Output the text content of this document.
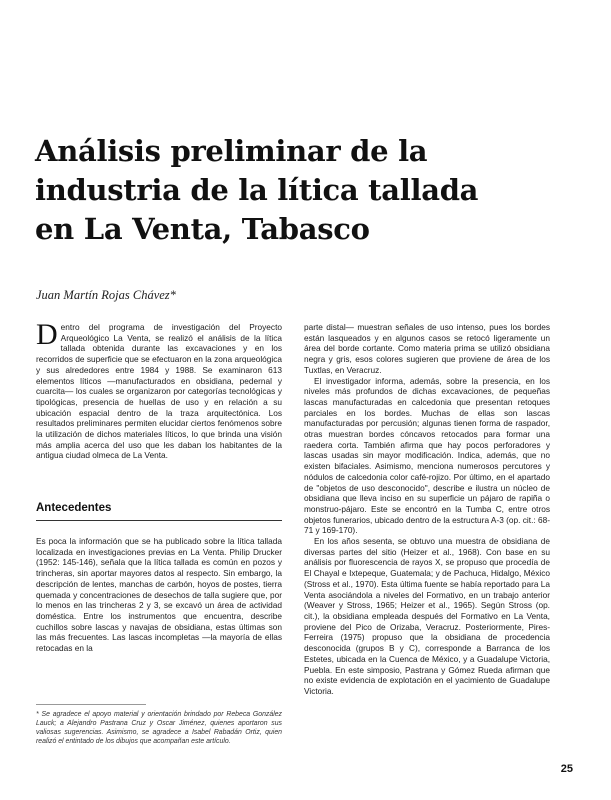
Análisis preliminar de la
industria de la lítica tallada
en La Venta, Tabasco
Juan Martín Rojas Chávez*

Dentro del programa de investigación del Proyecto Arqueológico La Venta, se realizó el análisis de la lítica tallada obtenida durante las excavaciones y en los recorridos de superficie que se efectuaron en la zona arqueológica y sus alrededores entre 1984 y 1988. Se examinaron 613 elementos líticos —manufacturados en obsidiana, pedernal y cuarcita— los cuales se organizaron por categorías tecnológicas y tipológicas, presencia de huellas de uso y en relación a su ubicación espacial dentro de la traza arquitectónica. Los resultados preliminares permiten elucidar ciertos fenómenos sobre la utilización de dichos materiales líticos, lo que brinda una visión más amplia acerca del uso que les daban los habitantes de la antigua ciudad olmeca de La Venta.

Antecedentes

Es poca la información que se ha publicado sobre la lítica tallada localizada en investigaciones previas en La Venta. Philip Drucker (1952: 145-146), señala que la lítica tallada es común en pozos y trincheras, sin aportar mayores datos al respecto. Sin embargo, la descripción de lentes, manchas de carbón, hoyos de postes, tierra quemada y concentraciones de desechos de talla sugiere que, por lo menos en las trincheras 2 y 3, se excavó un área de actividad doméstica. Entre los instrumentos que encuentra, describe cuchillos sobre lascas y navajas de obsidiana, estas últimas son las más frecuentes. Las lascas incompletas —la mayoría de ellas retocadas en la

* Se agradece el apoyo material y orientación brindado por Rebeca González Lauck; a Alejandro Pastrana Cruz y Oscar Jiménez, quienes aportaron sus valiosas sugerencias. Asimismo, se agradece a Isabel Rabadán Ortiz, quien realizó el entintado de los dibujos que acompañan este artículo.

parte distal— muestran señales de uso intenso, pues los bordes están lasqueados y en algunos casos se retocó ligeramente un área del borde cortante. Como materia prima se utilizó obsidiana negra y gris, esos colores sugieren que proviene de área de los Tuxtlas, en Veracruz.

El investigador informa, además, sobre la presencia, en los niveles más profundos de dichas excavaciones, de pequeñas lascas manufacturadas en calcedonia que presentan retoques parciales en los bordes. Muchas de ellas son lascas manufacturadas por percusión; algunas tienen forma de raspador, otras muestran bordes cóncavos retocados para formar una raedera corta. También afirma que hay pocos perforadores y lascas usadas sin mayor modificación. Indica, además, que no existen bifaciales. Asimismo, menciona numerosos percutores y nódulos de calcedonia color café-rojizo. Por último, en el apartado de "objetos de uso desconocido", describe e ilustra un núcleo de obsidiana que lleva inciso en su superficie un pájaro de rapiña o monstruo-pájaro. Este se encontró en la Tumba C, entre otros objetos funerarios, ubicado dentro de la estructura A-3 (op. cit.: 68-71 y 169-170).

En los años sesenta, se obtuvo una muestra de obsidiana de diversas partes del sitio (Heizer et al., 1968). Con base en su análisis por fluorescencia de rayos X, se propuso que procedía de El Chayal e Ixtepeque, Guatemala; y de Pachuca, Hidalgo, México (Stross et al., 1970). Esta última fuente se había reportado para La Venta asociándola a niveles del Formativo, en un trabajo anterior (Weaver y Stross, 1965; Heizer et al., 1965). Según Stross (op. cit.), la obsidiana empleada después del Formativo en La Venta, proviene del Pico de Orizaba, Veracruz. Posteriormente, Pires-Ferreira (1975) propuso que la obsidiana de procedencia desconocida (grupos B y C), corresponde a Barranca de los Estetes, ubicada en la Cuenca de México, y a Guadalupe Victoria, Puebla. En este simposio, Pastrana y Gómez Rueda afirman que no existe evidencia de explotación en el yacimiento de Guadalupe Victoria.

25
